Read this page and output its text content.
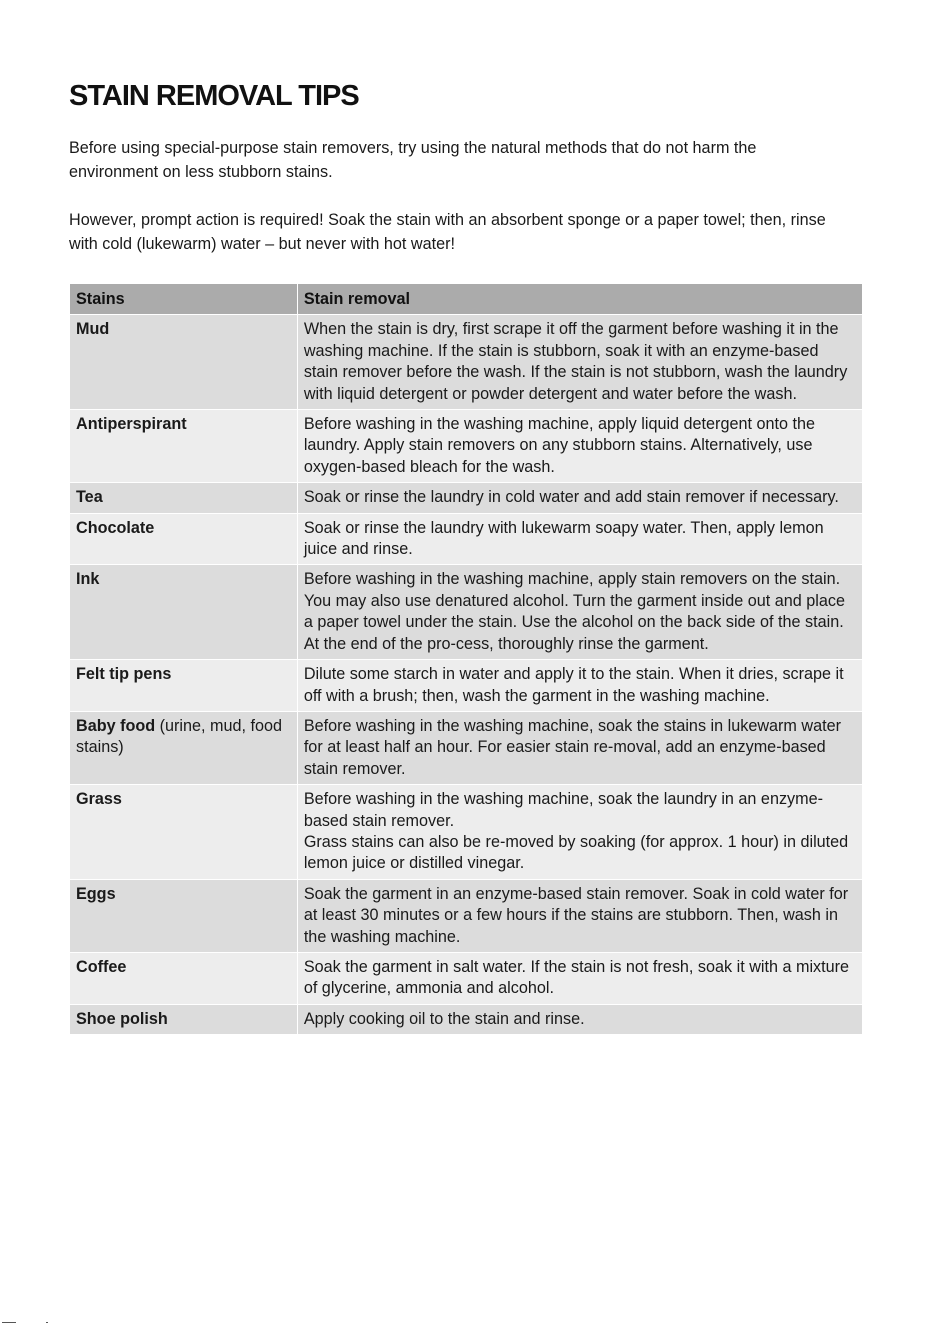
STAIN REMOVAL TIPS

Before using special-purpose stain removers, try using the natural methods that do not harm the environment on less stubborn stains.

However, prompt action is required! Soak the stain with an absorbent sponge or a paper towel; then, rinse with cold (lukewarm) water – but never with hot water!

Stains	Stain removal
Mud	When the stain is dry, first scrape it off the garment before washing it in the washing machine. If the stain is stubborn, soak it with an enzyme-based stain remover before the wash. If the stain is not stubborn, wash the laundry with liquid detergent or powder detergent and water before the wash.

Antiperspirant	Before washing in the washing machine, apply liquid detergent onto the laundry. Apply stain removers on any stubborn stains. Alternatively, use oxygen-based bleach for the wash.

Tea	Soak or rinse the laundry in cold water and add stain remover if necessary.

Chocolate	Soak or rinse the laundry with lukewarm soapy water. Then, apply lemon juice and rinse.

Ink	Before washing in the washing machine, apply stain removers on the stain. You may also use denatured alcohol. Turn the garment inside out and place a paper towel under the stain. Use the alcohol on the back side of the stain. At the end of the pro-cess, thoroughly rinse the garment.

Felt tip pens	Dilute some starch in water and apply it to the stain. When it dries, scrape it off with a brush; then, wash the garment in the washing machine.

Baby food (urine, mud, food stains)	Before washing in the washing machine, soak the stains in lukewarm water for at least half an hour. For easier stain re-moval, add an enzyme-based stain remover.

Grass	Before washing in the washing machine, soak the laundry in an enzyme-based stain remover.
Grass stains can also be re-moved by soaking (for approx. 1 hour) in diluted lemon juice or distilled vinegar.

Eggs	Soak the garment in an enzyme-based stain remover. Soak in cold water for at least 30 minutes or a few hours if the stains are stubborn. Then, wash in the washing machine.

Coffee	Soak the garment in salt water. If the stain is not fresh, soak it with a mixture of glycerine, ammonia and alcohol.

Shoe polish	Apply cooking oil to the stain and rinse.
